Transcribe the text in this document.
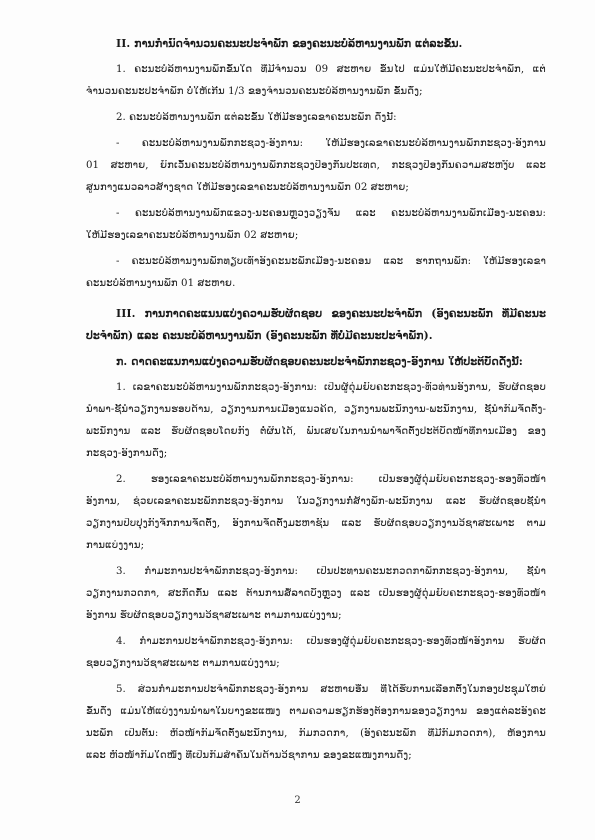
II. ການກໍານົດຈໍານວນຄະນະປະຈໍາພັກ ຂອງຄະນະບໍລິຫານງານພັກ ແຕ່ລະຂັ້ນ.
1. ຄະນະບໍລິຫານງານພັກຂັ້ນໃດ ທີ່ມີຈໍານວນ 09 ສະຫາຍ ຂຶ້ນໄປ ແມ່ນໃຫ້ມີຄະນະປະຈໍາພັກ, ແຕ່
ຈໍານວນຄະນະປະຈໍາພັກ ບໍ່ໃຫ້ເກີນ 1/3 ຂອງຈໍານວນຄະນະບໍລິຫານງານພັກ ຂັ້ນດັ່ງ;
2. ຄະນະບໍລິຫານງານພັກ ແຕ່ລະຂັ້ນ ໃຫ້ມີຮອງເລຂາຄະນະພັກ ດັ່ງນີ້:
- ຄະນະບໍລິຫານງານພັກກະຊວງ-ອົງການ: ໃຫ້ມີຮອງເລຂາຄະນະບໍລິຫານງານພັກກະຊວງ-ອົງການ
01 ສະຫາຍ, ຍົກເວັ້ນຄະນະບໍລິຫານງານພັກກະຊວງປ້ອງກັນປະເທດ, ກະຊວງປ້ອງກັນຄວາມສະຫງົບ ແລະ
ສູນກາງແນວລາວສ້າງຊາດ ໃຫ້ມີຮອງເລຂາຄະນະບໍລິຫານງານພັກ 02 ສະຫາຍ;
- ຄະນະບໍລິຫານງານພັກແຂວງ-ນະຄອນຫຼວງວຽງຈັນ ແລະ ຄະນະບໍລິຫານງານພັກເມືອງ-ນະຄອນ:
ໃຫ້ມີຮອງເລຂາຄະນະບໍລິຫານງານພັກ 02 ສະຫາຍ;
- ຄະນະບໍລິຫານງານພັກທຽບເທົ່າອົງຄະນະພັກເມືອງ-ນະຄອນ ແລະ ຮາກຖານພັກ: ໃຫ້ມີຮອງເລຂາ
ຄະນະບໍລິຫານງານພັກ 01 ສະຫາຍ.
III. ການກາດຄະແນນແບ່ງຄວາມຮັບຜິດຊອບ ຂອງຄະນະປະຈໍາພັກ (ອົງຄະນະພັກ ທີ່ມີຄະນະ
ປະຈໍາພັກ) ແລະ ຄະນະບໍລິຫານງານພັກ (ອົງຄະນະພັກ ທີ່ບໍ່ມີຄະນະປະຈໍາພັກ).
ກ. ດາດຄະແນການແບ່ງຄວາມຮັບຜິດຊອບຄະນະປະຈໍາພັກກະຊວງ-ອົງການ ໃຫ້ປະຕິບັດດັ່ງນີ້:
1. ເລຂາຄະນະບໍລິຫານງານພັກກະຊວງ-ອົງການ: ເປັນຜູ້ດຸ່ມຍົບຄະກະຊວງ-ທົ່ວທ່ານອົງການ, ຮັບຜິດຊອບ
ນໍາພາ-ຊີ້ນໍາວຽກງານຮອບດ້ານ, ວຽກງານການເມືອງແນວຄິດ, ວຽກງານພະນັກງານ-ພະນັກງານ, ຊີ້ນໍາກົມຈັດຕັ້ງ-
ພະນັກງານ ແລະ ຮັບຜິດຊອບໂດຍກົງ ຕໍ່ຜົນໄດ້, ພົນເສຍໃນການນໍາພາຈັດຕັ້ງປະຕິບັດໜ້າທີ່ການເມືອງ ຂອງ
ກະຊວງ-ອົງການດັ່ງ;
2. ຮອງເລຂາຄະນະບໍລິຫານງານພັກກະຊວງ-ອົງການ: ເປັນຮອງຜູ້ດຸ່ມຍົບຄະກະຊວງ-ຮອງທົ່ວໜ້າ
ອົງການ, ຊ່ວຍເລຂາຄະນະພັກກະຊວງ-ອົງການ ໃນວຽກງານກໍ່ສ້າງພັກ-ພະນັກງານ ແລະ ຮັບຜິດຊອບຊີ້ນໍາ
ວຽກງານປັບປຸງກົງຈັກການຈັດຕັ້ງ, ອົງການຈັດຕັ້ງມະຫາຊົນ ແລະ ຮັບຜິດຊອບວຽກງານວິຊາສະເພາະ ຕາມ
ການແບ່ງງານ;
3. ກໍາມະການປະຈໍາພັກກະຊວງ-ອົງການ: ເປັນປະທານຄະນະກວດກາພັກກະຊວງ-ອົງການ, ຊີ້ນໍາ
ວຽກງານກວດກາ, ສະກັດກັ້ນ ແລະ ຕ້ານການສໍ້ລາດບັງຫຼວງ ແລະ ເປັນຮອງຜູ້ດຸ່ມຍົບຄະກະຊວງ-ຮອງທົ່ວໜ້າ
ອົງການ ຮັບຜິດຊອບວຽກງານວິຊາສະເພາະ ຕາມການແບ່ງງານ;
4. ກໍາມະການປະຈໍາພັກກະຊວງ-ອົງການ: ເປັນຮອງຜູ້ດຸ່ມຍົບຄະກະຊວງ-ຮອງທົ່ວໜ້າອົງການ ຮັບຜິດ
ຊອບວຽກງານວິຊາສະເພາະ ຕາມການແບ່ງງານ;
5. ສ່ວນກໍາມະການປະຈໍາພັກກະຊວງ-ອົງການ ສະຫາຍອື່ນ ທີ່ໄດ້ຮັບການເລືອກຕັ້ງໃນກອງປະຊຸມໃຫຍ່
ຂັ້ນດັ່ງ ແມ່ນໃຫ້ແບ່ງງານນໍາພາໃນບາງຂະແໜງ ຕາມຄວາມຮຽກຮ້ອງຕ້ອງການຂອງວຽກງານ ຂອງແຕ່ລະອົງຄະ
ນະພັກ ເປັນຕົ້ນ: ຫົວໜ້າກົມຈັດຕັ້ງພະນັກງານ, ກົມກວດກາ, (ອົງຄະນະພັກ ທີ່ມີກົມກວດກາ), ຫ້ອງການ
ແລະ ຫົວໜ້າກົມໃດໜຶ່ງ ທີ່ເປັນກົມສໍາຄັນໃນດ້ານວິຊາການ ຂອງຂະແໜງການດັ່ງ;
2
